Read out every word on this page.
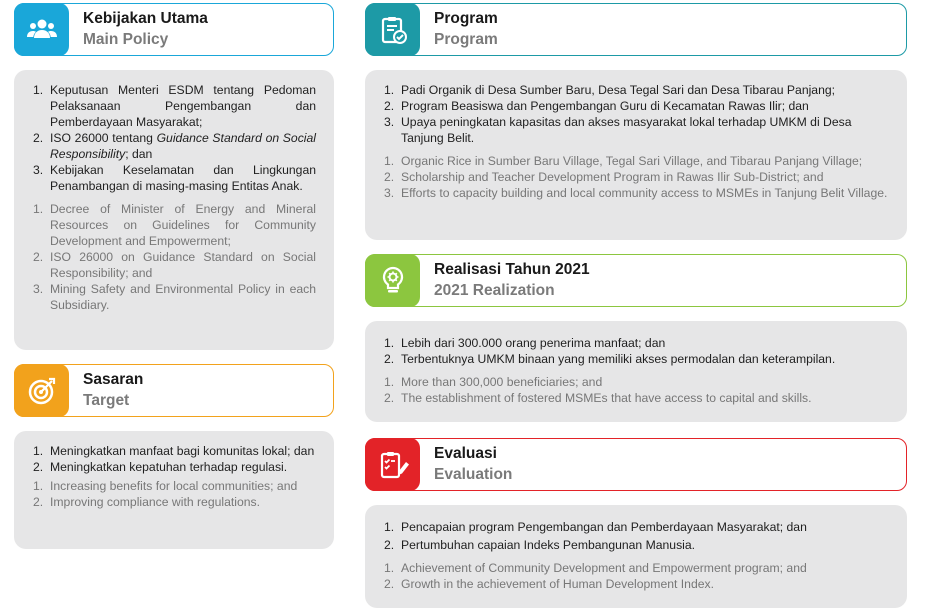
Kebijakan Utama
Main Policy
1. Keputusan Menteri ESDM tentang Pedoman Pelaksanaan Pengembangan dan Pemberdayaan Masyarakat;
2. ISO 26000 tentang Guidance Standard on Social Responsibility; dan
3. Kebijakan Keselamatan dan Lingkungan Penambangan di masing-masing Entitas Anak.
1. Decree of Minister of Energy and Mineral Resources on Guidelines for Community Development and Empowerment;
2. ISO 26000 on Guidance Standard on Social Responsibility; and
3. Mining Safety and Environmental Policy in each Subsidiary.
Sasaran
Target
1. Meningkatkan manfaat bagi komunitas lokal; dan
2. Meningkatkan kepatuhan terhadap regulasi.
1. Increasing benefits for local communities; and
2. Improving compliance with regulations.
Program
Program
1. Padi Organik di Desa Sumber Baru, Desa Tegal Sari dan Desa Tibarau Panjang;
2. Program Beasiswa dan Pengembangan Guru di Kecamatan Rawas Ilir; dan
3. Upaya peningkatan kapasitas dan akses masyarakat lokal terhadap UMKM di Desa Tanjung Belit.
1. Organic Rice in Sumber Baru Village, Tegal Sari Village, and Tibarau Panjang Village;
2. Scholarship and Teacher Development Program in Rawas Ilir Sub-District; and
3. Efforts to capacity building and local community access to MSMEs in Tanjung Belit Village.
Realisasi Tahun 2021
2021 Realization
1. Lebih dari 300.000 orang penerima manfaat; dan
2. Terbentuknya UMKM binaan yang memiliki akses permodalan dan keterampilan.
1. More than 300,000 beneficiaries; and
2. The establishment of fostered MSMEs that have access to capital and skills.
Evaluasi
Evaluation
1. Pencapaian program Pengembangan dan Pemberdayaan Masyarakat; dan
2. Pertumbuhan capaian Indeks Pembangunan Manusia.
1. Achievement of Community Development and Empowerment program; and
2. Growth in the achievement of Human Development Index.
